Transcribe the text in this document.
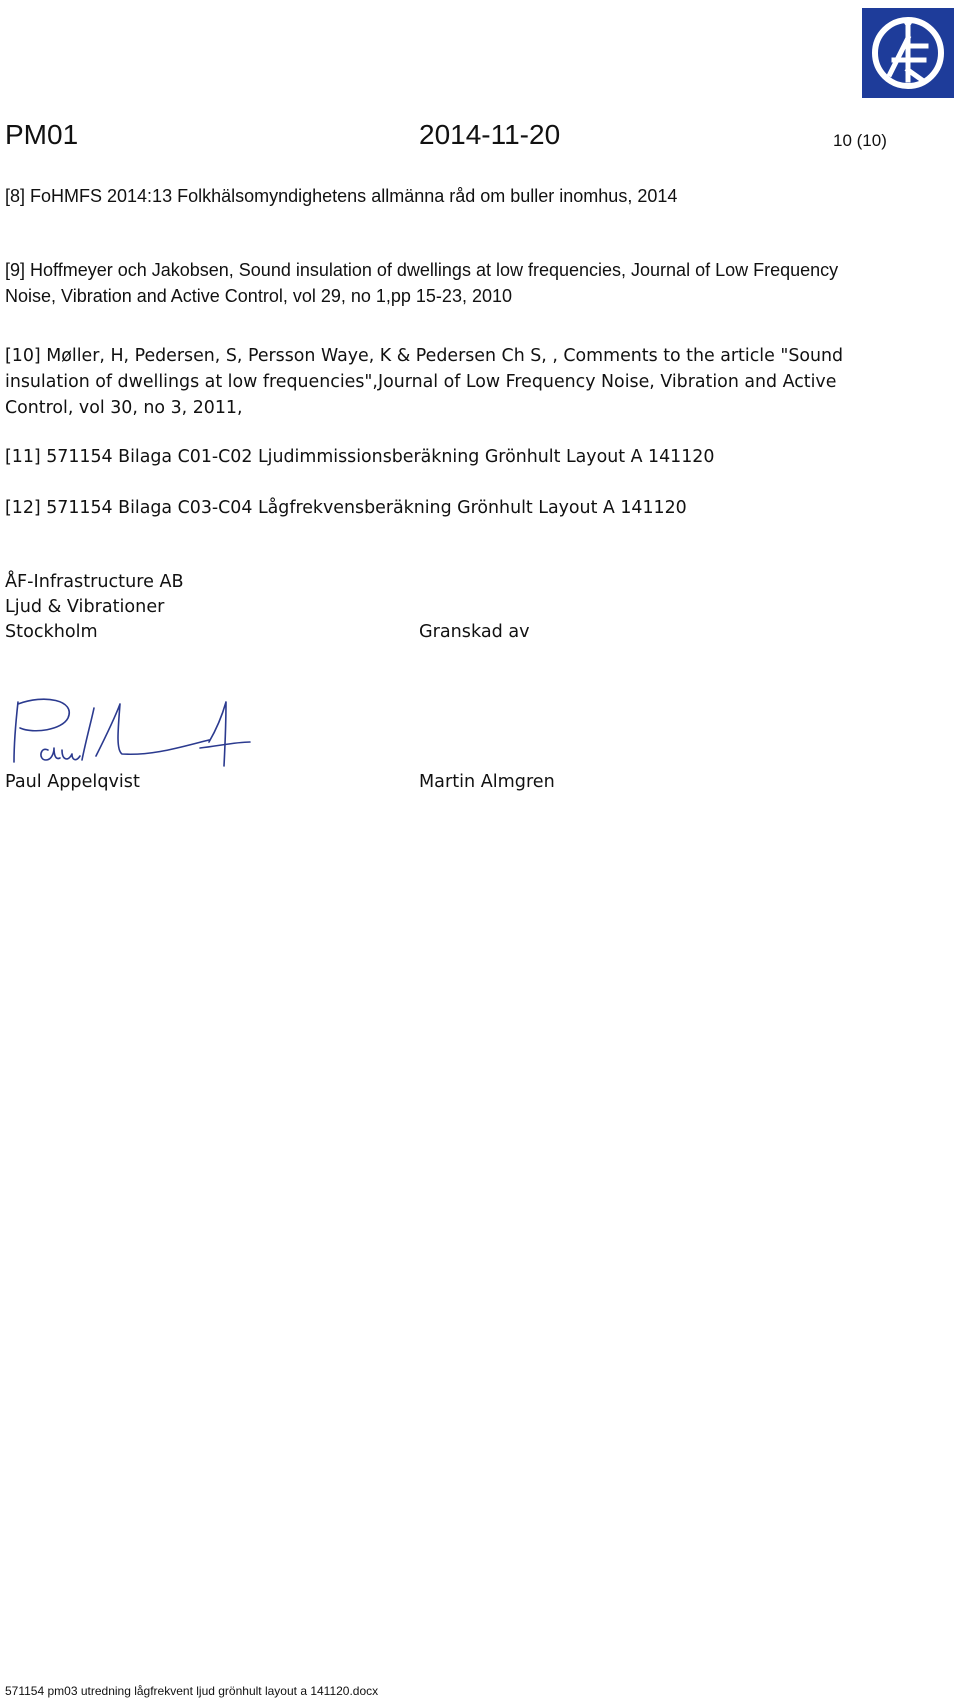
PM01	2014-11-20	10 (10)
[8] FoHMFS 2014:13 Folkhälsomyndighetens allmänna råd om buller inomhus, 2014
[9] Hoffmeyer och Jakobsen, Sound insulation of dwellings at low frequencies, Journal of Low Frequency Noise, Vibration and Active Control, vol 29, no 1,pp 15-23, 2010
[10] Møller, H, Pedersen, S, Persson Waye, K & Pedersen Ch S, , Comments to the article "Sound insulation of dwellings at low frequencies",Journal of Low Frequency Noise, Vibration and Active Control, vol 30, no 3, 2011,
[11] 571154 Bilaga C01-C02 Ljudimmissionsberäkning Grönhult Layout A 141120
[12] 571154 Bilaga C03-C04 Lågfrekvensberäkning Grönhult Layout A 141120
ÅF-Infrastructure AB
Ljud & Vibrationer
Stockholm	Granskad av
Paul Appelqvist	Martin Almgren
571154 pm03 utredning lågfrekvent ljud grönhult layout a 141120.docx
